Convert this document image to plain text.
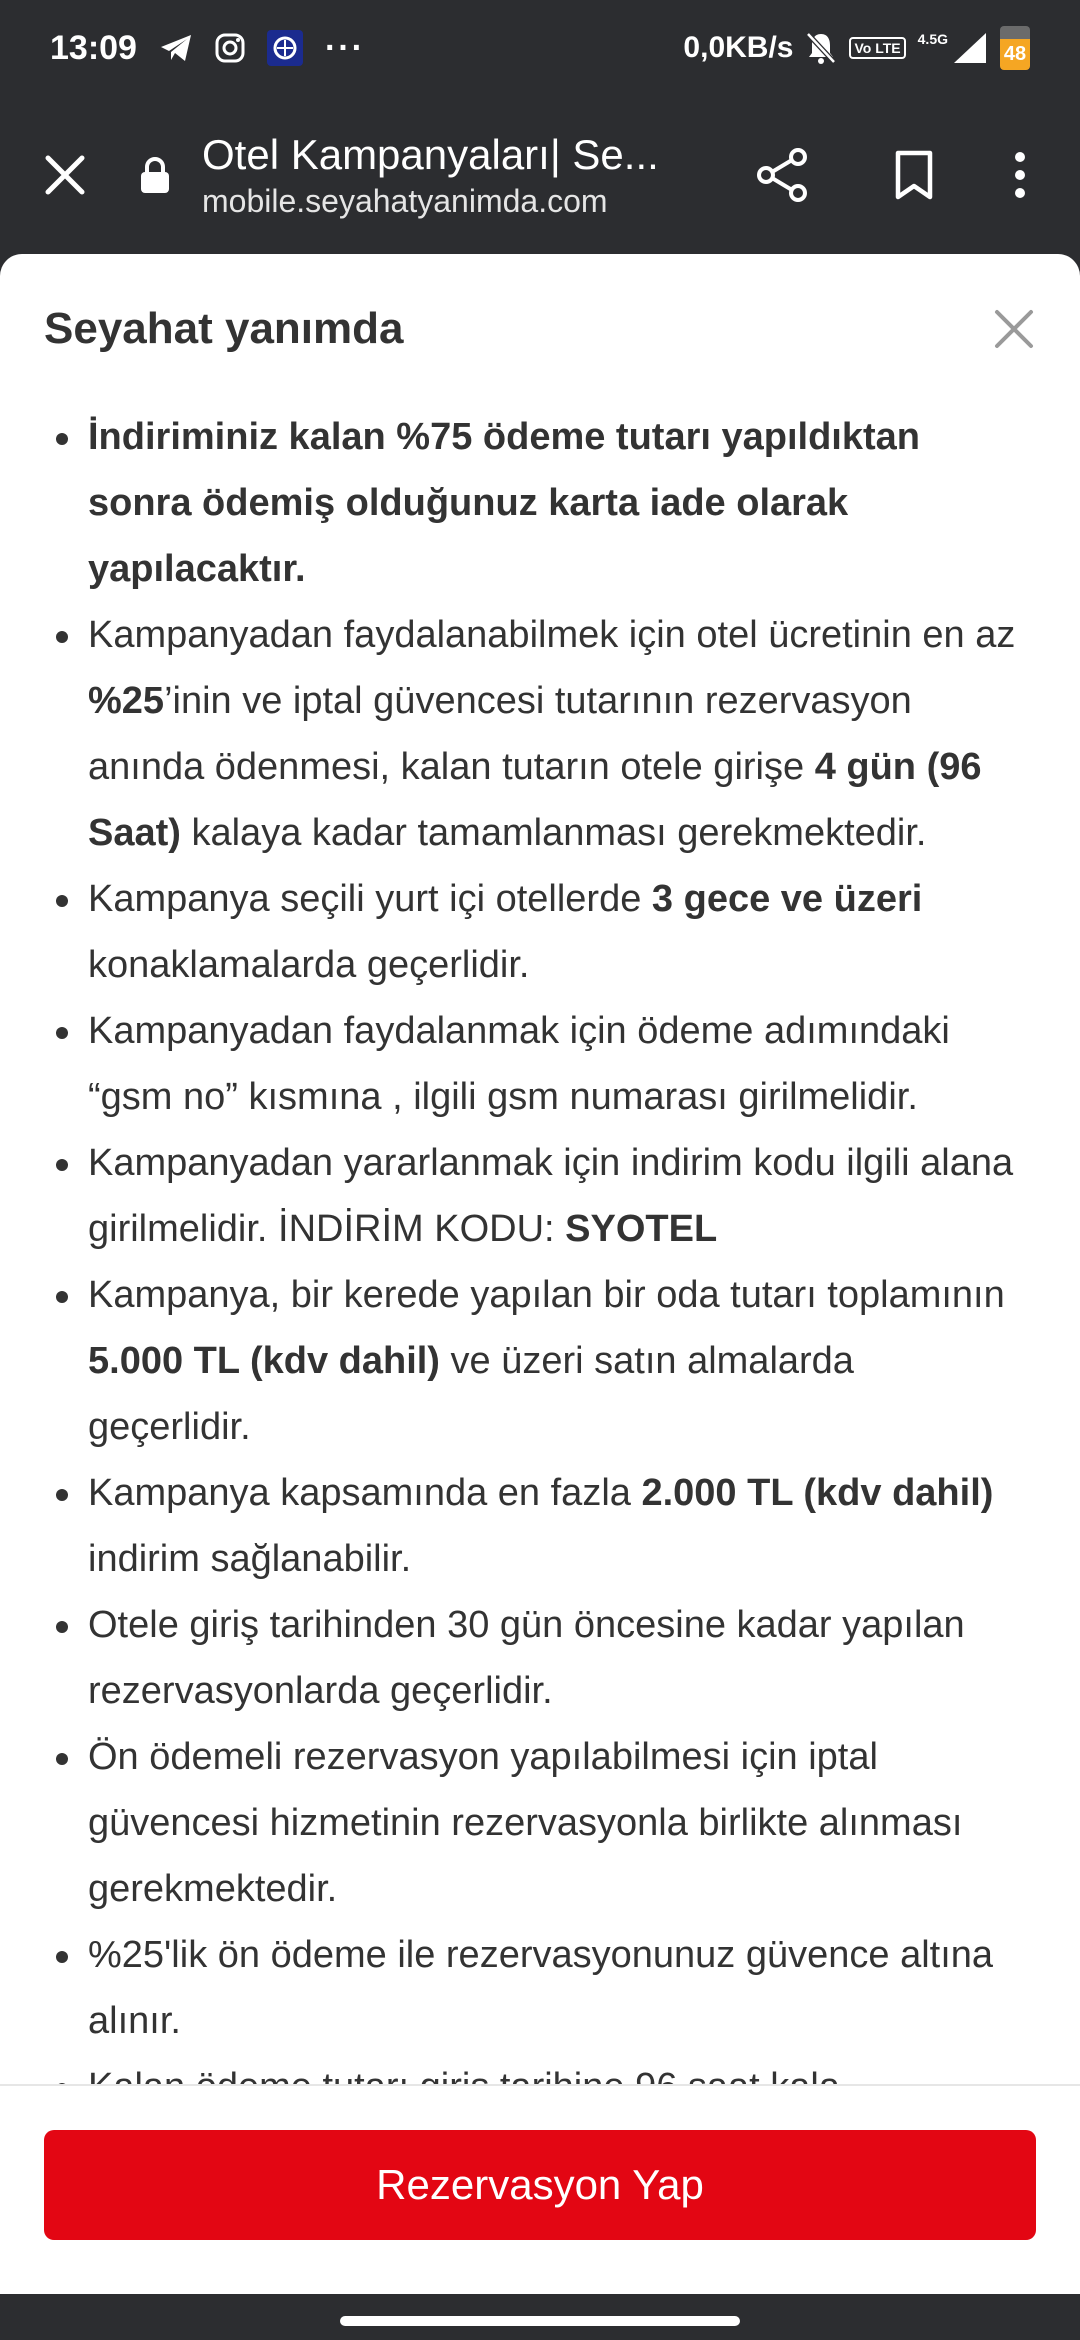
13:09	···	0,0KB/s	Vo LTE
4.5G
48
Otel Kampanyaları| Se...
mobile.seyahatyanimda.com
Seyahat yanımda
İndiriminiz kalan %75 ödeme tutarı yapıldıktan sonra ödemiş olduğunuz karta iade olarak yapılacaktır.
Kampanyadan faydalanabilmek için otel ücretinin en az %25’inin ve iptal güvencesi tutarının rezervasyon anında ödenmesi, kalan tutarın otele girişe 4 gün (96 Saat) kalaya kadar tamamlanması gerekmektedir.
Kampanya seçili yurt içi otellerde 3 gece ve üzeri konaklamalarda geçerlidir.
Kampanyadan faydalanmak için ödeme adımındaki “gsm no” kısmına , ilgili gsm numarası girilmelidir.
Kampanyadan yararlanmak için indirim kodu ilgili alana girilmelidir. İNDİRİM KODU: SYOTEL
Kampanya, bir kerede yapılan bir oda tutarı toplamının 5.000 TL (kdv dahil) ve üzeri satın almalarda geçerlidir.
Kampanya kapsamında en fazla 2.000 TL (kdv dahil) indirim sağlanabilir.
Otele giriş tarihinden 30 gün öncesine kadar yapılan rezervasyonlarda geçerlidir.
Ön ödemeli rezervasyon yapılabilmesi için iptal güvencesi hizmetinin rezervasyonla birlikte alınması gerekmektedir.
%25'lik ön ödeme ile rezervasyonunuz güvence altına alınır.
Rezervasyon Yap
